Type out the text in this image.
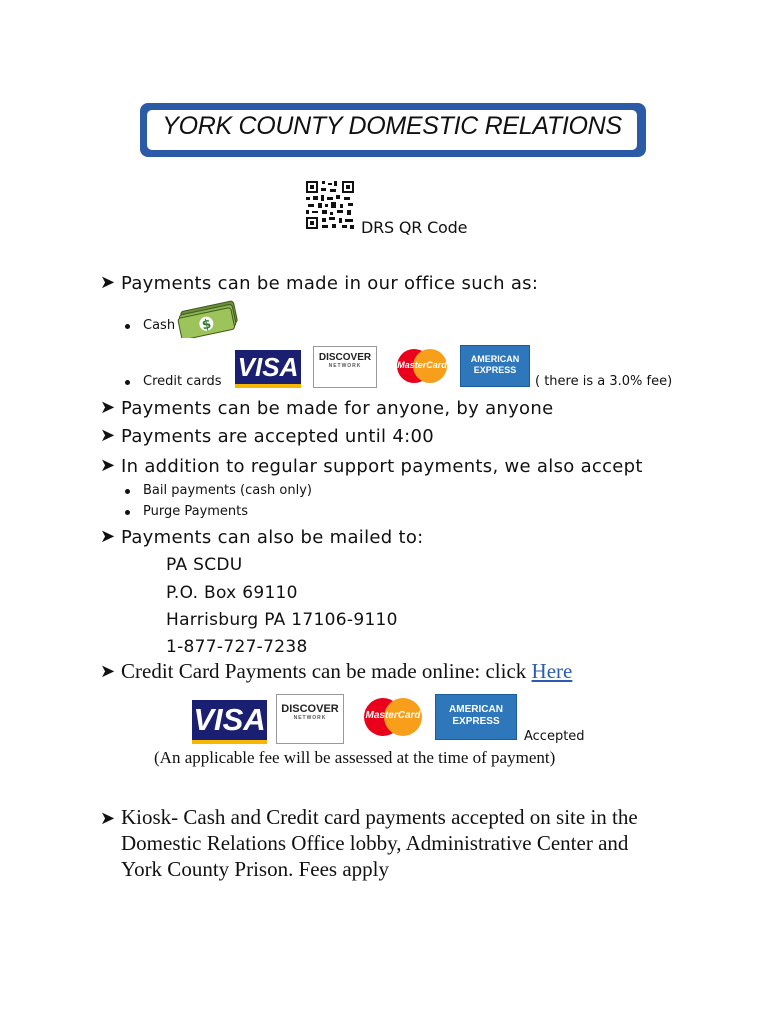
YORK COUNTY DOMESTIC RELATIONS
DRS QR Code
➤ Payments can be made in our office such as:
Cash $
Credit cards VISA	DISCOVER
NETWORK	MasterCard
AMERICAN
EXPRESS
( there is a 3.0% fee)
➤ Payments can be made for anyone, by anyone
➤ Payments are accepted until 4:00
➤ In addition to regular support payments, we also accept
Bail payments (cash only)
Purge Payments
➤ Payments can also be mailed to:
PA SCDU
P.O. Box 69110
Harrisburg PA 17106-9110
1-877-727-7238
➤ Credit Card Payments can be made online: click Here
VISA	DISCOVER
NETWORK	MasterCard
AMERICAN
EXPRESS
Accepted
(An applicable fee will be assessed at the time of payment)
➤ Kiosk- Cash and Credit card payments accepted on site in the
Domestic Relations Office lobby, Administrative Center and
York County Prison. Fees apply
